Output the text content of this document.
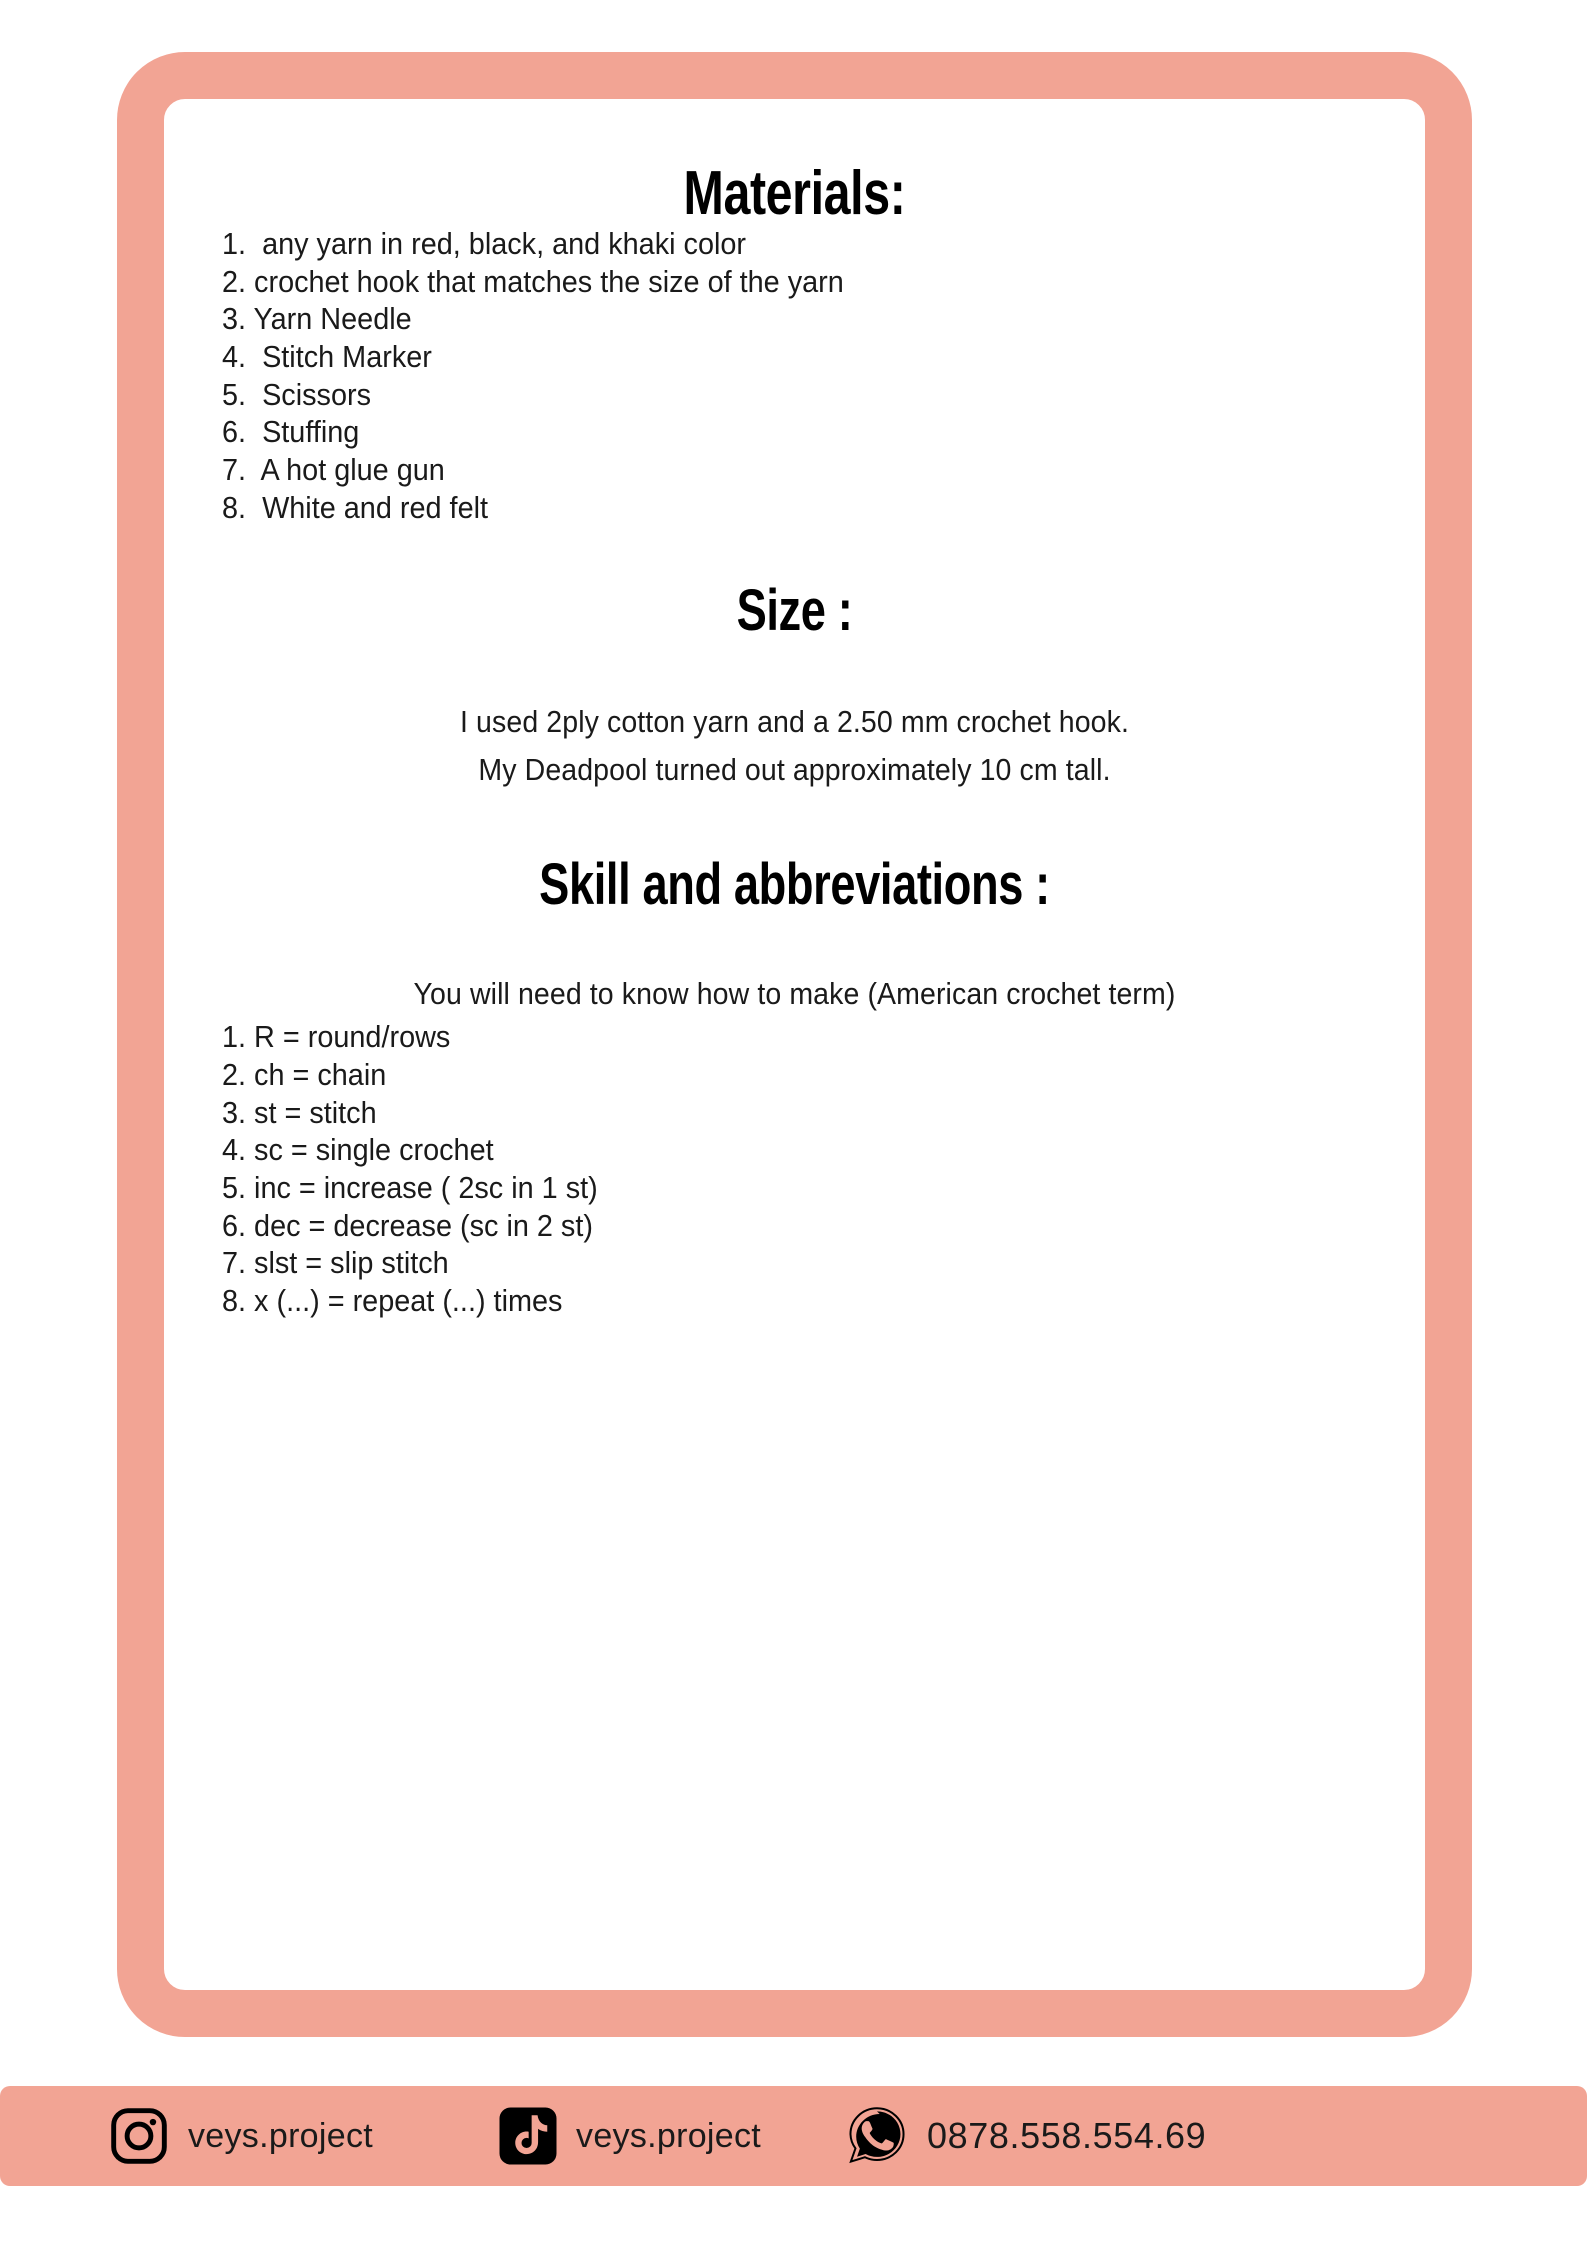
Materials:
1.  any yarn in red, black, and khaki color
2. crochet hook that matches the size of the yarn
3. Yarn Needle
4.  Stitch Marker
5.  Scissors
6.  Stuffing
7.  A hot glue gun
8.  White and red felt
Size :
I used 2ply cotton yarn and a 2.50 mm crochet hook.
My Deadpool turned out approximately 10 cm tall.
Skill and abbreviations :
You will need to know how to make (American crochet term)
1. R = round/rows
2. ch = chain
3. st = stitch
4. sc = single crochet
5. inc = increase ( 2sc in 1 st)
6. dec = decrease (sc in 2 st)
7. slst = slip stitch
8. x (...) = repeat (...) times
veys.project	veys.project	0878.558.554.69
